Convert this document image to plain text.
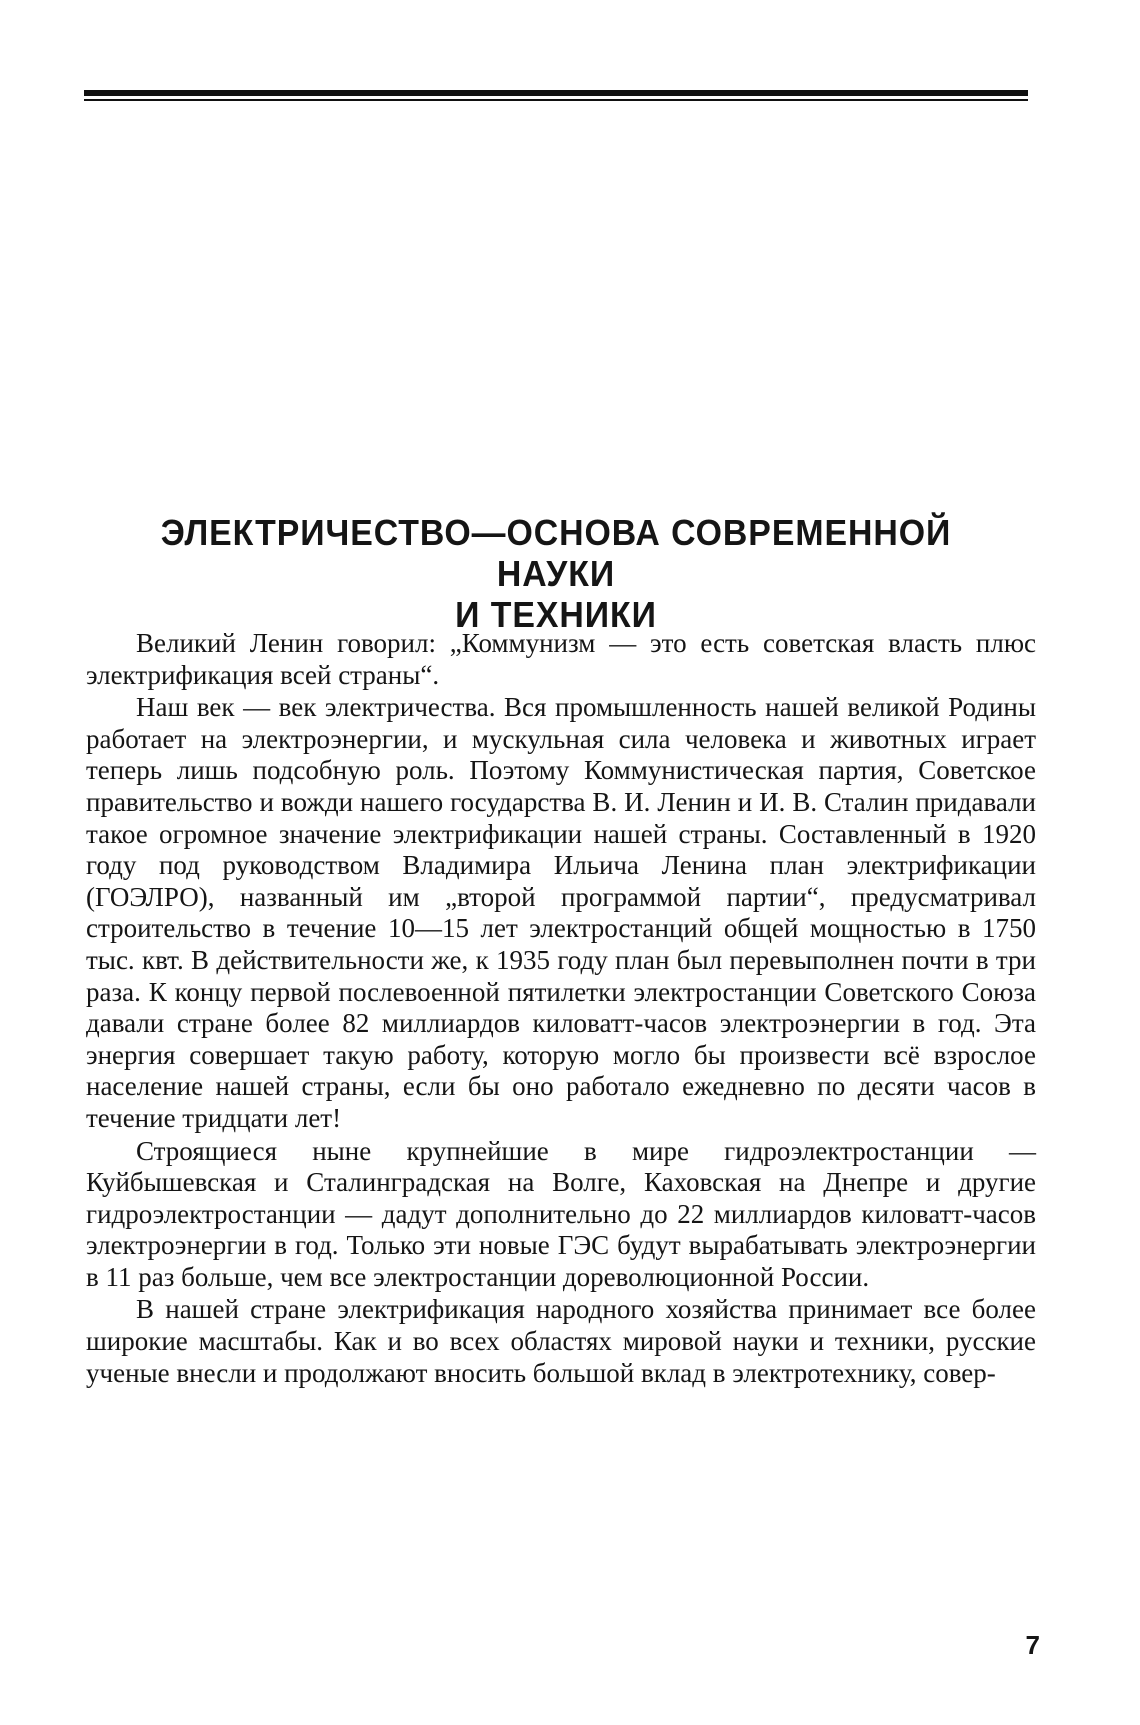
ЭЛЕКТРИЧЕСТВО—ОСНОВА СОВРЕМЕННОЙ НАУКИ
И ТЕХНИКИ

Великий Ленин говорил: „Коммунизм — это есть советская власть плюс электрификация всей страны“.

Наш век — век электричества. Вся промышленность нашей великой Родины работает на электроэнергии, и мускульная сила человека и животных играет теперь лишь подсобную роль. Поэтому Коммунистическая партия, Советское правительство и вожди нашего государства В. И. Ленин и И. В. Сталин придавали такое огромное значение электрификации нашей страны. Составленный в 1920 году под руководством Владимира Ильича Ленина план электрификации (ГОЭЛРО), названный им „второй программой партии“, предусматривал строительство в течение 10—15 лет электростанций общей мощностью в 1750 тыс. квт. В действительности же, к 1935 году план был перевыполнен почти в три раза. К концу первой послевоенной пятилетки электростанции Советского Союза давали стране более 82 миллиардов киловатт-часов электроэнергии в год. Эта энергия совершает такую работу, которую могло бы произвести всё взрослое население нашей страны, если бы оно работало ежедневно по десяти часов в течение тридцати лет!

Строящиеся ныне крупнейшие в мире гидроэлектростанции — Куйбышевская и Сталинградская на Волге, Каховская на Днепре и другие гидроэлектростанции — дадут дополнительно до 22 миллиардов киловатт-часов электроэнергии в год. Только эти новые ГЭС будут вырабатывать электроэнергии в 11 раз больше, чем все электростанции дореволюционной России.

В нашей стране электрификация народного хозяйства принимает все более широкие масштабы. Как и во всех областях мировой науки и техники, русские ученые внесли и продолжают вносить большой вклад в электротехнику, совер-

7
